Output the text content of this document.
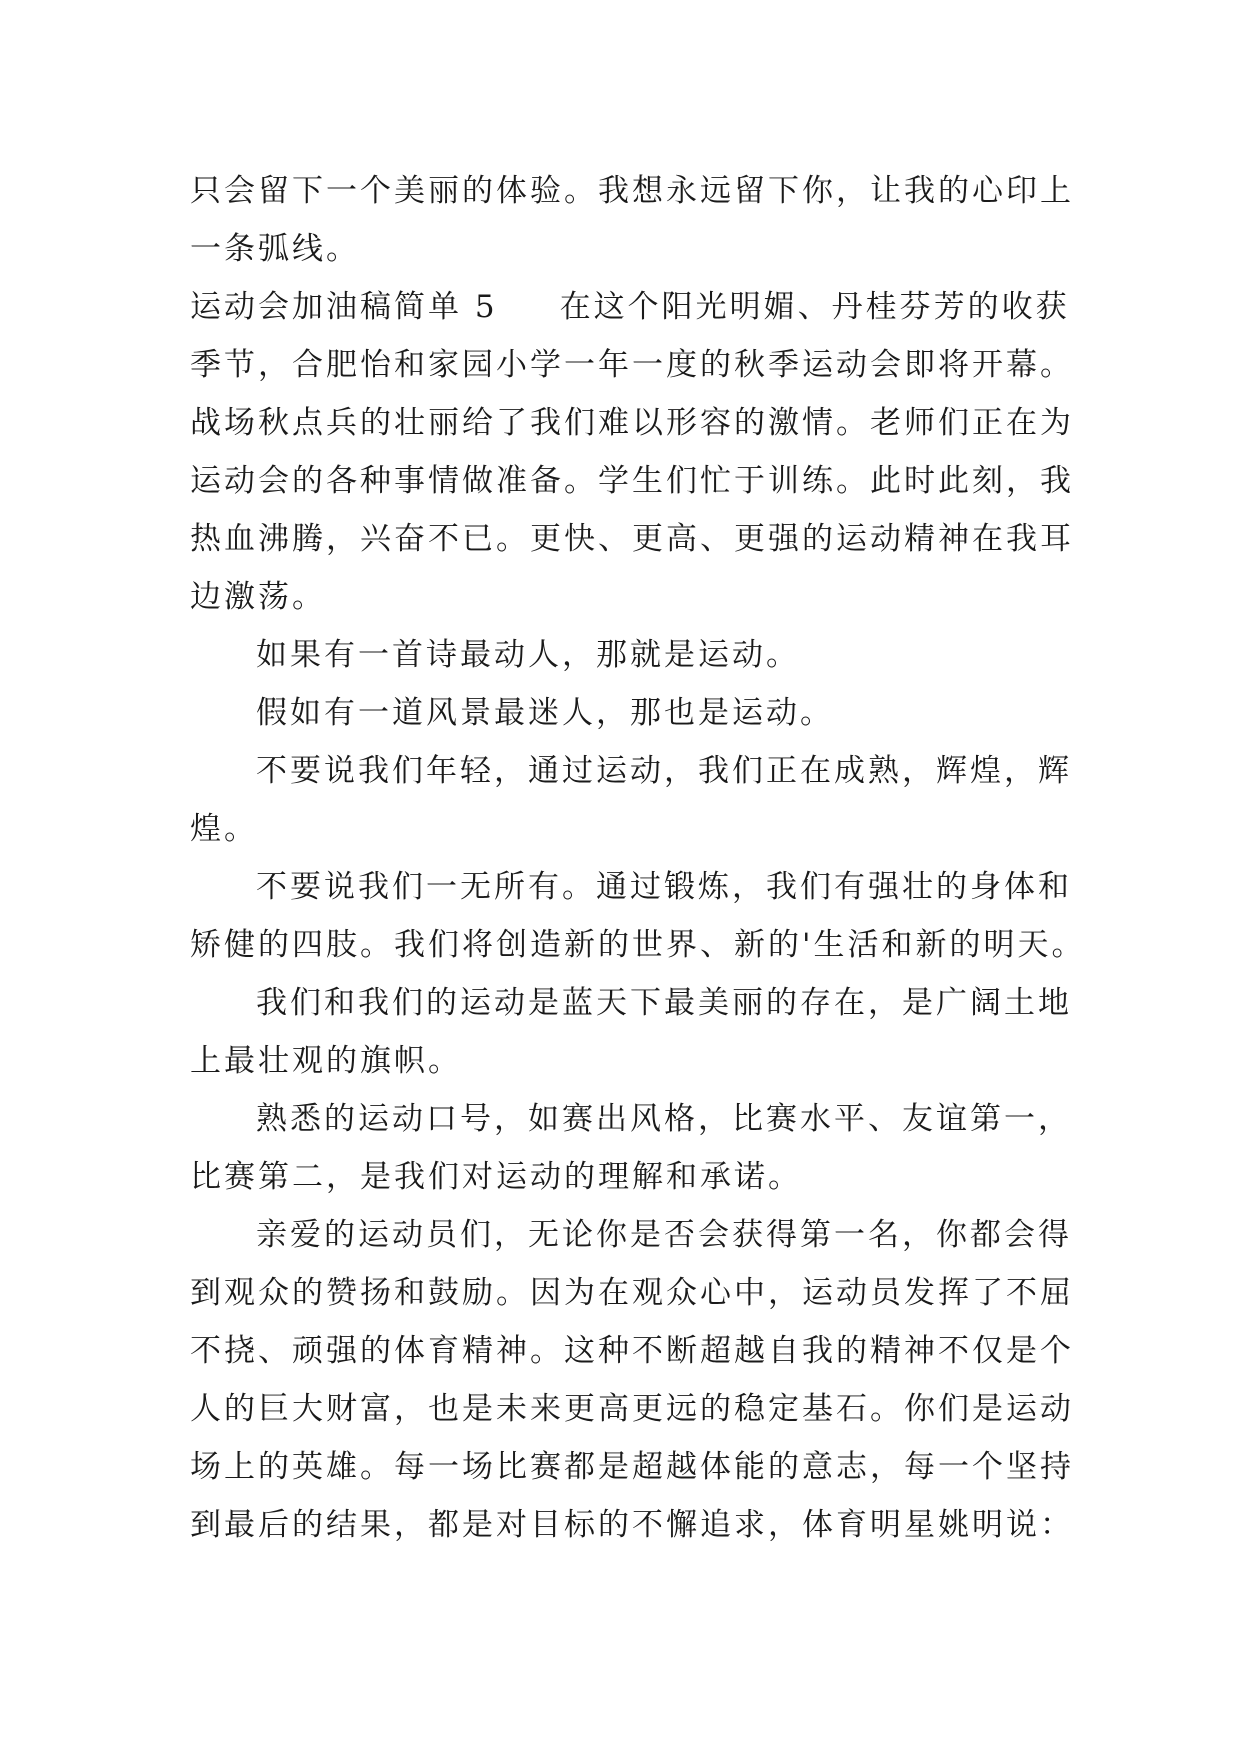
只会留下一个美丽的体验。我想永远留下你，让我的心印上
一条弧线。
运动会加油稿简单 5 在这个阳光明媚、丹桂芬芳的收获
季节，合肥怡和家园小学一年一度的秋季运动会即将开幕。
战场秋点兵的壮丽给了我们难以形容的激情。老师们正在为
运动会的各种事情做准备。学生们忙于训练。此时此刻，我
热血沸腾，兴奋不已。更快、更高、更强的运动精神在我耳
边激荡。
如果有一首诗最动人，那就是运动。
假如有一道风景最迷人，那也是运动。
不要说我们年轻，通过运动，我们正在成熟，辉煌，辉
煌。
不要说我们一无所有。通过锻炼，我们有强壮的身体和
矫健的四肢。我们将创造新的世界、新的'生活和新的明天。
我们和我们的运动是蓝天下最美丽的存在，是广阔土地
上最壮观的旗帜。
熟悉的运动口号，如赛出风格，比赛水平、友谊第一，
比赛第二，是我们对运动的理解和承诺。
亲爱的运动员们，无论你是否会获得第一名，你都会得
到观众的赞扬和鼓励。因为在观众心中，运动员发挥了不屈
不挠、顽强的体育精神。这种不断超越自我的精神不仅是个
人的巨大财富，也是未来更高更远的稳定基石。你们是运动
场上的英雄。每一场比赛都是超越体能的意志，每一个坚持
到最后的结果，都是对目标的不懈追求，体育明星姚明说：
